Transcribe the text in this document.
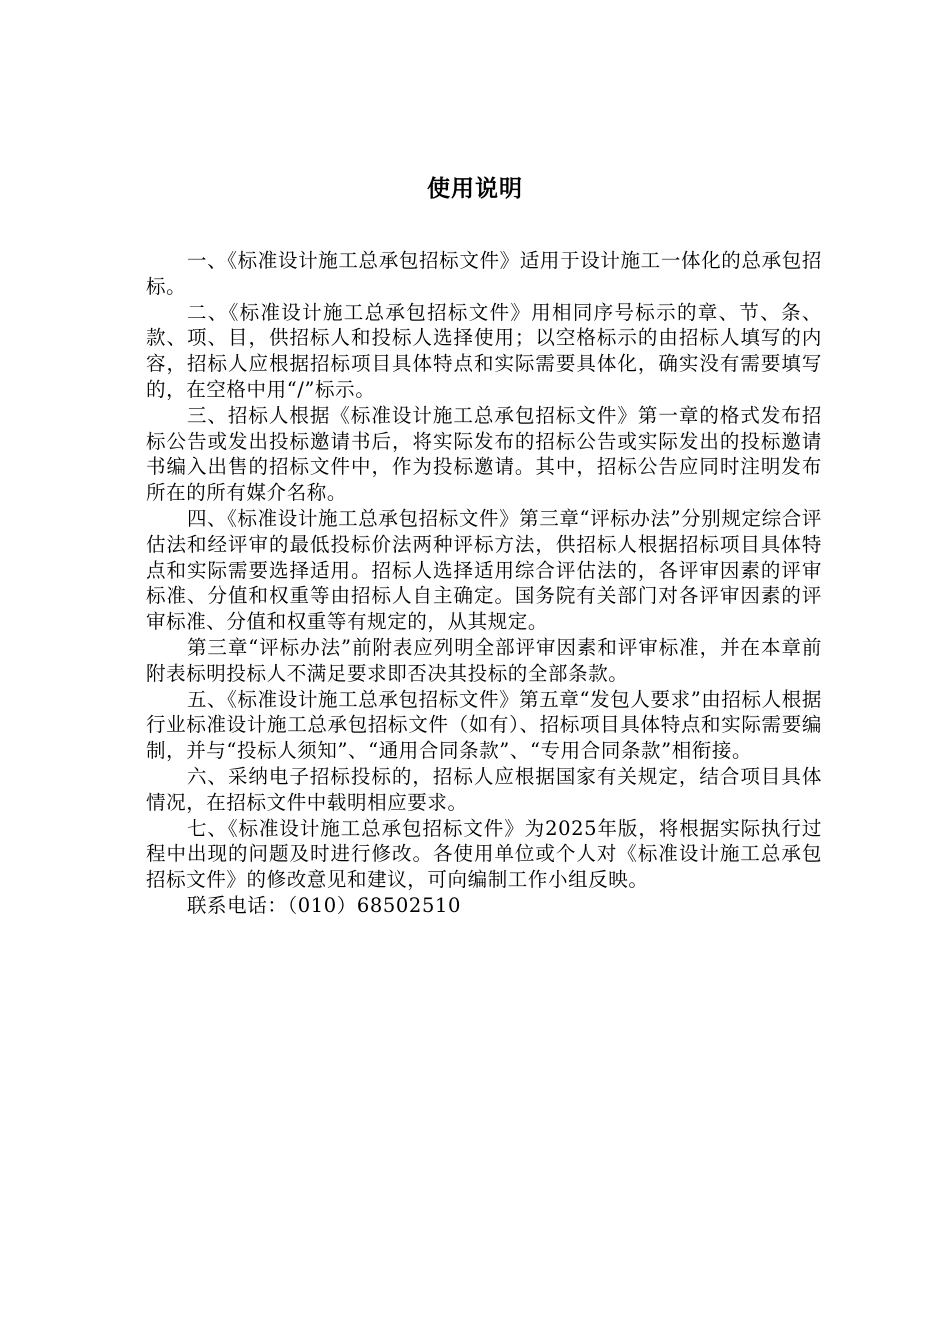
使用说明

一、《标准设计施工总承包招标文件》适用于设计施工一体化的总承包招标。

二、《标准设计施工总承包招标文件》用相同序号标示的章、节、条、款、项、目，供招标人和投标人选择使用；以空格标示的由招标人填写的内容，招标人应根据招标项目具体特点和实际需要具体化，确实没有需要填写的，在空格中用“/”标示。

三、招标人根据《标准设计施工总承包招标文件》第一章的格式发布招标公告或发出投标邀请书后，将实际发布的招标公告或实际发出的投标邀请书编入出售的招标文件中，作为投标邀请。其中，招标公告应同时注明发布所在的所有媒介名称。

四、《标准设计施工总承包招标文件》第三章“评标办法”分别规定综合评估法和经评审的最低投标价法两种评标方法，供招标人根据招标项目具体特点和实际需要选择适用。招标人选择适用综合评估法的，各评审因素的评审标准、分值和权重等由招标人自主确定。国务院有关部门对各评审因素的评审标准、分值和权重等有规定的，从其规定。

第三章“评标办法”前附表应列明全部评审因素和评审标准，并在本章前附表标明投标人不满足要求即否决其投标的全部条款。

五、《标准设计施工总承包招标文件》第五章“发包人要求”由招标人根据行业标准设计施工总承包招标文件（如有）、招标项目具体特点和实际需要编制，并与“投标人须知”、“通用合同条款”、“专用合同条款”相衔接。

六、采纳电子招标投标的，招标人应根据国家有关规定，结合项目具体情况，在招标文件中载明相应要求。

七、《标准设计施工总承包招标文件》为2025年版，将根据实际执行过程中出现的问题及时进行修改。各使用单位或个人对《标准设计施工总承包招标文件》的修改意见和建议，可向编制工作小组反映。

联系电话：（010）68502510
